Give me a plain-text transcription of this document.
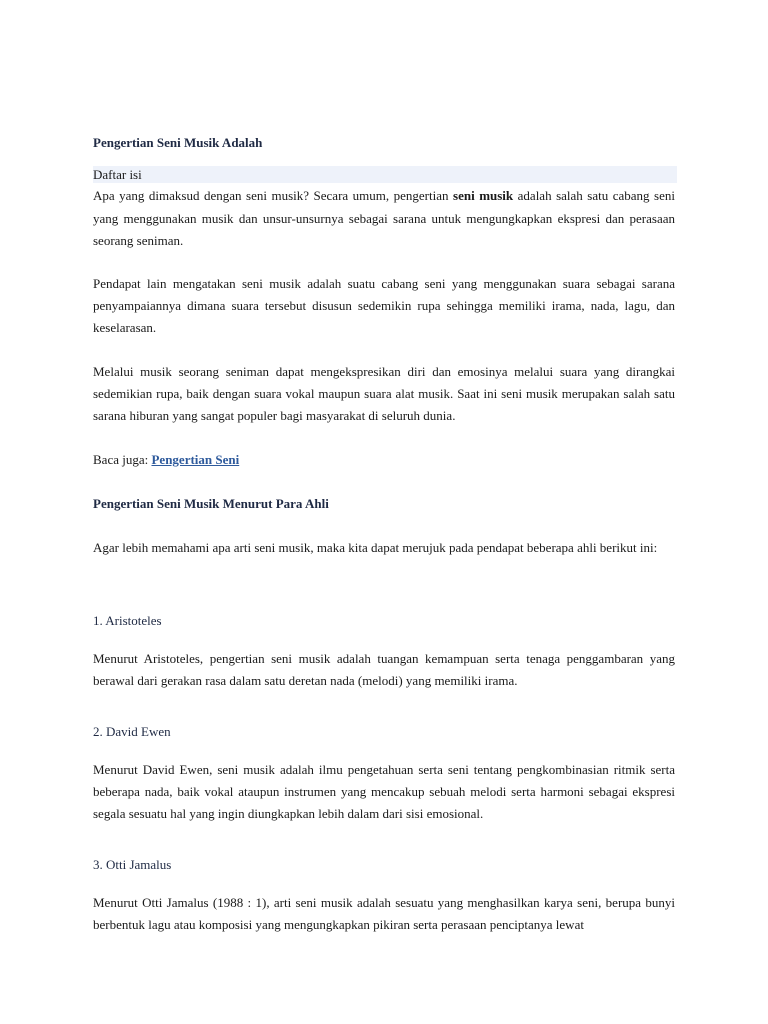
Pengertian Seni Musik Adalah
Daftar isi

Apa yang dimaksud dengan seni musik? Secara umum, pengertian seni musik adalah salah satu cabang seni yang menggunakan musik dan unsur-unsurnya sebagai sarana untuk mengungkapkan ekspresi dan perasaan seorang seniman.

Pendapat lain mengatakan seni musik adalah suatu cabang seni yang menggunakan suara sebagai sarana penyampaiannya dimana suara tersebut disusun sedemikin rupa sehingga memiliki irama, nada, lagu, dan keselarasan.

Melalui musik seorang seniman dapat mengekspresikan diri dan emosinya melalui suara yang dirangkai sedemikian rupa, baik dengan suara vokal maupun suara alat musik. Saat ini seni musik merupakan salah satu sarana hiburan yang sangat populer bagi masyarakat di seluruh dunia.

Baca juga: Pengertian Seni

Pengertian Seni Musik Menurut Para Ahli

Agar lebih memahami apa arti seni musik, maka kita dapat merujuk pada pendapat beberapa ahli berikut ini:

1. Aristoteles

Menurut Aristoteles, pengertian seni musik adalah tuangan kemampuan serta tenaga penggambaran yang berawal dari gerakan rasa dalam satu deretan nada (melodi) yang memiliki irama.

2. David Ewen

Menurut David Ewen, seni musik adalah ilmu pengetahuan serta seni tentang pengkombinasian ritmik serta beberapa nada, baik vokal ataupun instrumen yang mencakup sebuah melodi serta harmoni sebagai ekspresi segala sesuatu hal yang ingin diungkapkan lebih dalam dari sisi emosional.

3. Otti Jamalus

Menurut Otti Jamalus (1988 : 1), arti seni musik adalah sesuatu yang menghasilkan karya seni, berupa bunyi berbentuk lagu atau komposisi yang mengungkapkan pikiran serta perasaan penciptanya lewat
